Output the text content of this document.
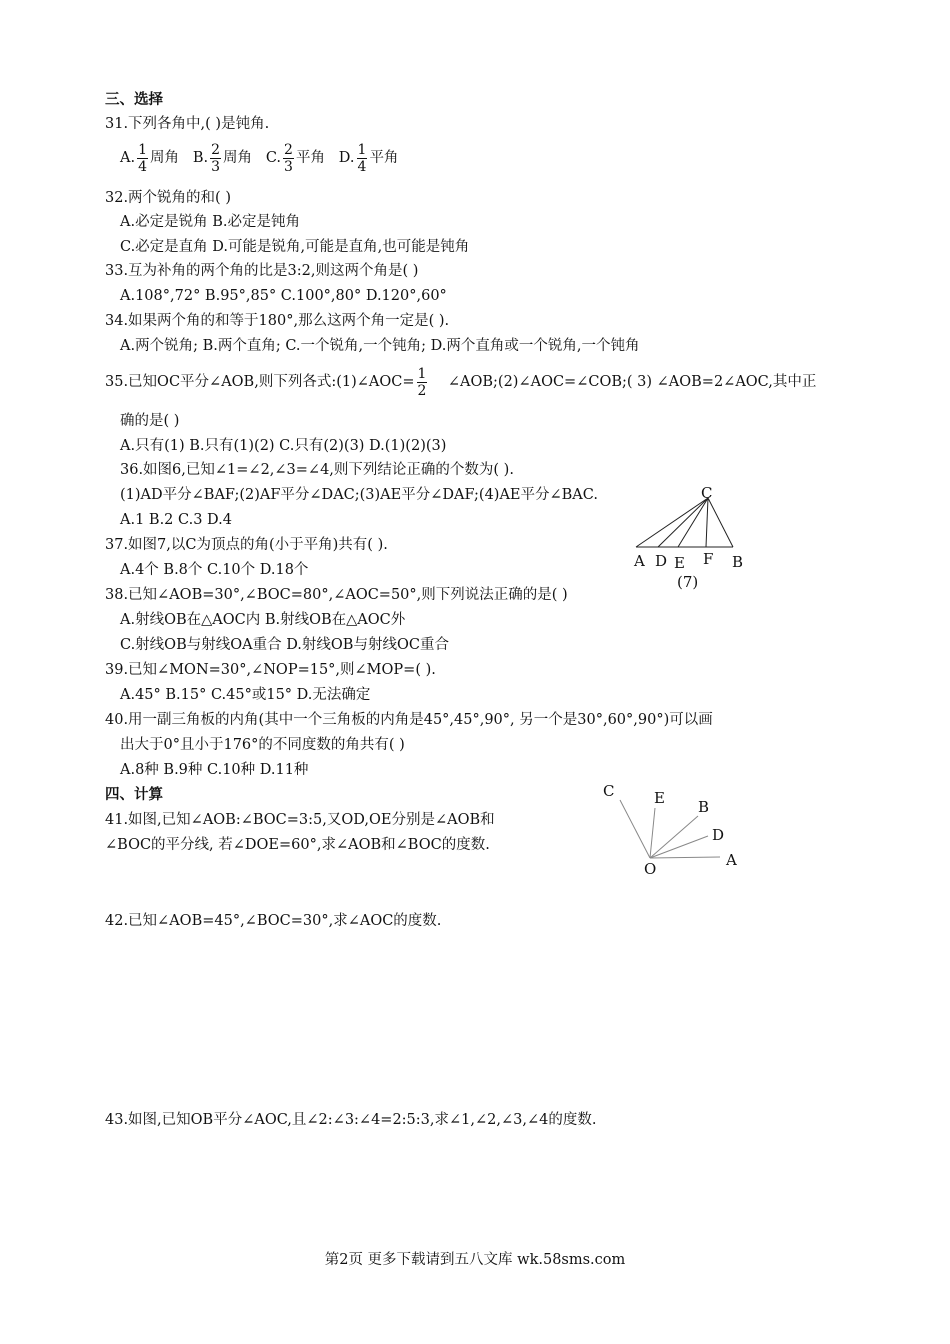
三、选择
31.下列各角中,( )是钝角.
A. $\frac{1}{4}$ 周角 B. $\frac{2}{3}$ 周角 C. $\frac{2}{3}$ 平角 D. $\frac{1}{4}$ 平角
32.两个锐角的和( )
A.必定是锐角 B.必定是钝角
C.必定是直角 D.可能是锐角,可能是直角,也可能是钝角
33.互为补角的两个角的比是3:2,则这两个角是( )
A.108°,72° B.95°,85° C.100°,80° D.120°,60°
34.如果两个角的和等于180°,那么这两个角一定是( ).
A.两个锐角; B.两个直角; C.一个锐角,一个钝角; D.两个直角或一个锐角,一个钝角
35.已知OC平分∠AOB,则下列各式:(1)∠AOC= $\frac{1}{2}$ ∠AOB;(2)∠AOC=∠COB;( 3) ∠AOB=2∠AOC,其中正
确的是( )
A.只有(1) B.只有(1)(2) C.只有(2)(3) D.(1)(2)(3)
36.如图6,已知∠1=∠2,∠3=∠4,则下列结论正确的个数为( ).
(1)AD平分∠BAF;(2)AF平分∠DAC;(3)AE平分∠DAF;(4)AE平分∠BAC.
A.1 B.2 C.3 D.4
37.如图7,以C为顶点的角(小于平角)共有( ).
A.4个 B.8个 C.10个 D.18个
C
A D E F B
(7)
38.已知∠AOB=30°,∠BOC=80°,∠AOC=50°,则下列说法正确的是( )
A.射线OB在△AOC内 B.射线OB在△AOC外
C.射线OB与射线OA重合 D.射线OB与射线OC重合
39.已知∠MON=30°,∠NOP=15°,则∠MOP=( ).
A.45° B.15° C.45°或15° D.无法确定
40.用一副三角板的内角(其中一个三角板的内角是45°,45°,90°, 另一个是30°,60°,90°)可以画
出大于0°且小于176°的不同度数的角共有( )
A.8种 B.9种 C.10种 D.11种
四、计算
41.如图,已知∠AOB:∠BOC=3:5,又OD,OE分别是∠AOB和
∠BOC的平分线, 若∠DOE=60°,求∠AOB和∠BOC的度数.
C	E B
D
A
O
42.已知∠AOB=45°,∠BOC=30°,求∠AOC的度数.
43.如图,已知OB平分∠AOC,且∠2:∠3:∠4=2:5:3,求∠1,∠2,∠3,∠4的度数.
第2页 更多下载请到五八文库 wk.58sms.com
